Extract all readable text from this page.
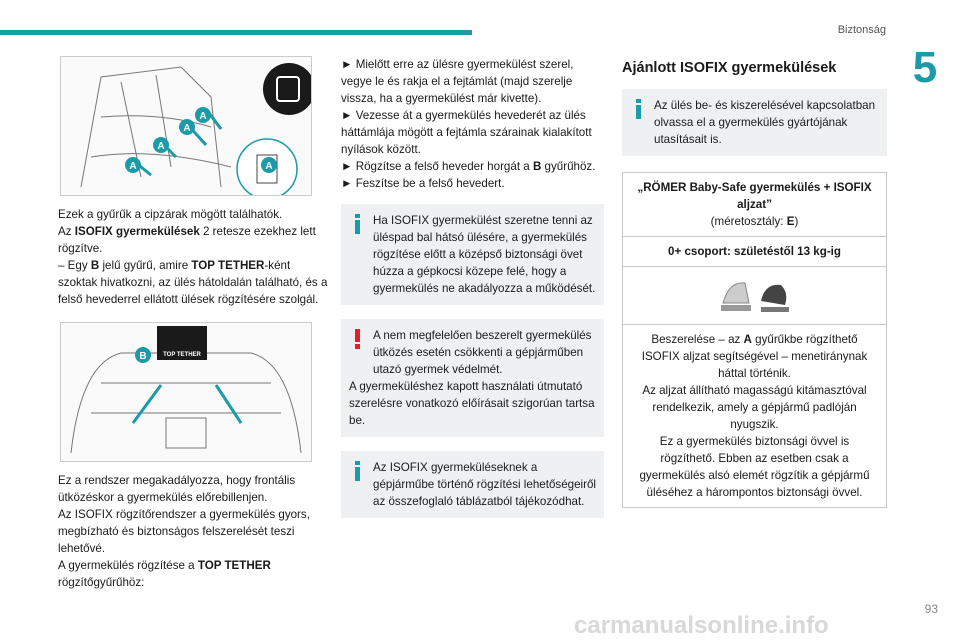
Biztonság
5
A
A
A
A	A
Ezek a gyűrűk a cipzárak mögött találhatók.
Az ISOFIX gyermekülések 2 retesze ezekhez lett rögzítve.
– Egy B jelű gyűrű, amire TOP TETHER-ként szoktak hivatkozni, az ülés hátoldalán található, és a felső hevederrel ellátott ülések rögzítésére szolgál.
TOP TETHER
B
Ez a rendszer megakadályozza, hogy frontális ütközéskor a gyermekülés előrebillenjen.
Az ISOFIX rögzítőrendszer a gyermekülés gyors, megbízható és biztonságos felszerelését teszi lehetővé.
A gyermekülés rögzítése a TOP TETHER rögzítőgyűrűhöz:
► Mielőtt erre az ülésre gyermekülést szerel, vegye le és rakja el a fejtámlát (majd szerelje vissza, ha a gyermekülést már kivette).
► Vezesse át a gyermekülés hevederét az ülés háttámlája mögött a fejtámla szárainak kialakított nyílások között.
► Rögzítse a felső heveder horgát a B gyűrűhöz.
► Feszítse be a felső hevedert.
Ha ISOFIX gyermekülést szeretne tenni az üléspad bal hátsó ülésére, a gyermekülés rögzítése előtt a középső biztonsági övet húzza a gépkocsi közepe felé, hogy a gyermekülés ne akadályozza a működését.
A nem megfelelően beszerelt gyermekülés ütközés esetén csökkenti a gépjárműben utazó gyermek védelmét.
A gyermeküléshez kapott használati útmutató szerelésre vonatkozó előírásait szigorúan tartsa be.
Az ISOFIX gyermeküléseknek a gépjárműbe történő rögzítési lehetőségeiről az összefoglaló táblázatból tájékozódhat.
Ajánlott ISOFIX gyermekülések
Az ülés be- és kiszerelésével kapcsolatban olvassa el a gyermekülés gyártójának utasításait is.
„RÖMER Baby-Safe gyermekülés + ISOFIX aljzat”
(méretosztály: E)
0+ csoport: születéstől 13 kg-ig
Beszerelése – az A gyűrűkbe rögzíthető ISOFIX aljzat segítségével – menetiránynak háttal történik.
Az aljzat állítható magasságú kitámasztóval rendelkezik, amely a gépjármű padlóján nyugszik.
Ez a gyermekülés biztonsági övvel is rögzíthető. Ebben az esetben csak a gyermekülés alsó elemét rögzítik a gépjármű üléséhez a hárompontos biztonsági övvel.
93
carmanualsonline.info
